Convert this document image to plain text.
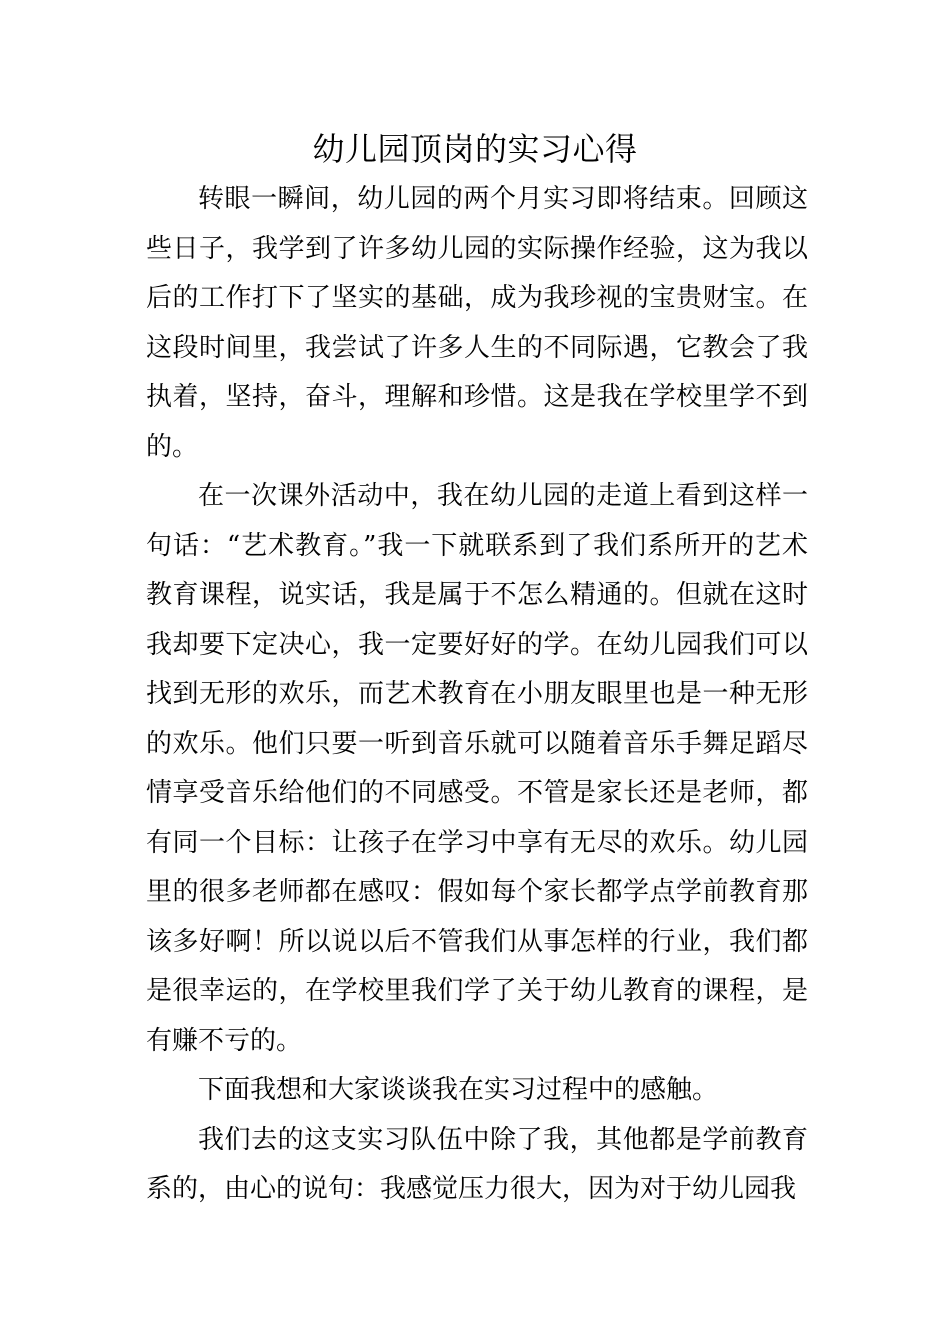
幼儿园顶岗的实习心得

转眼一瞬间，幼儿园的两个月实习即将结束。回顾这些日子，我学到了许多幼儿园的实际操作经验，这为我以后的工作打下了坚实的基础，成为我珍视的宝贵财宝。在这段时间里，我尝试了许多人生的不同际遇，它教会了我执着，坚持，奋斗，理解和珍惜。这是我在学校里学不到的。

在一次课外活动中，我在幼儿园的走道上看到这样一句话：“艺术教育。”我一下就联系到了我们系所开的艺术教育课程，说实话，我是属于不怎么精通的。但就在这时我却要下定决心，我一定要好好的学。在幼儿园我们可以找到无形的欢乐，而艺术教育在小朋友眼里也是一种无形的欢乐。他们只要一听到音乐就可以随着音乐手舞足蹈尽情享受音乐给他们的不同感受。不管是家长还是老师，都有同一个目标：让孩子在学习中享有无尽的欢乐。幼儿园里的很多老师都在感叹：假如每个家长都学点学前教育那该多好啊！所以说以后不管我们从事怎样的行业，我们都是很幸运的，在学校里我们学了关于幼儿教育的课程，是有赚不亏的。

下面我想和大家谈谈我在实习过程中的感触。

我们去的这支实习队伍中除了我，其他都是学前教育系的，由心的说句：我感觉压力很大，因为对于幼儿园我
